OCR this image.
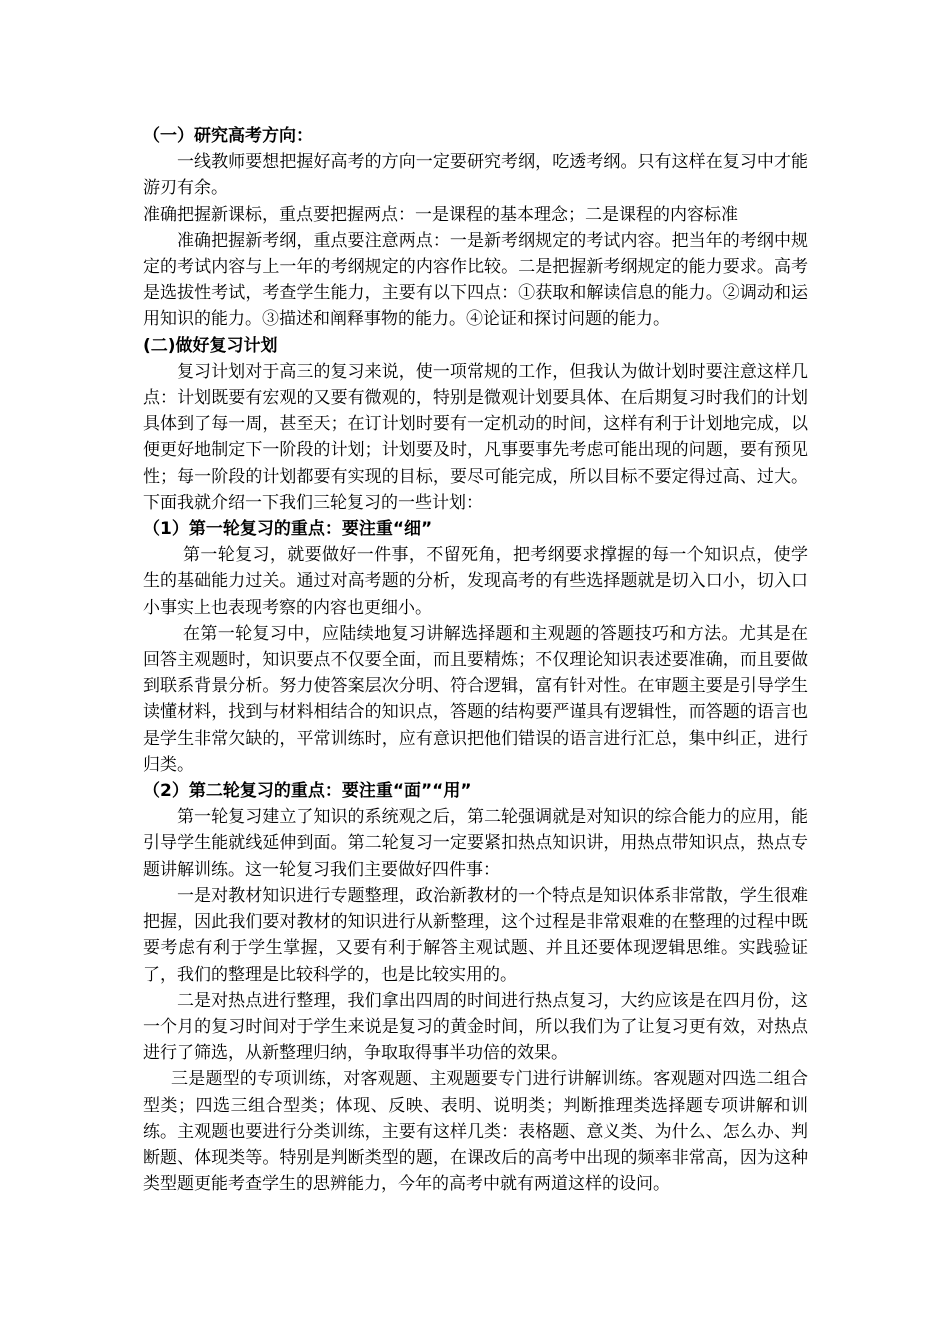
（一）研究高考方向：

一线教师要想把握好高考的方向一定要研究考纲，吃透考纲。只有这样在复习中才能游刃有余。

准确把握新课标，重点要把握两点：一是课程的基本理念；二是课程的内容标准

准确把握新考纲，重点要注意两点：一是新考纲规定的考试内容。把当年的考纲中规定的考试内容与上一年的考纲规定的内容作比较。二是把握新考纲规定的能力要求。高考是选拔性考试，考查学生能力，主要有以下四点：①获取和解读信息的能力。②调动和运用知识的能力。③描述和阐释事物的能力。④论证和探讨问题的能力。

(二)做好复习计划

复习计划对于高三的复习来说，使一项常规的工作，但我认为做计划时要注意这样几点：计划既要有宏观的又要有微观的，特别是微观计划要具体、在后期复习时我们的计划具体到了每一周，甚至天；在订计划时要有一定机动的时间，这样有利于计划地完成，以便更好地制定下一阶段的计划；计划要及时，凡事要事先考虑可能出现的问题，要有预见性；每一阶段的计划都要有实现的目标，要尽可能完成，所以目标不要定得过高、过大。下面我就介绍一下我们三轮复习的一些计划：

（1）第一轮复习的重点：要注重“细”

第一轮复习，就要做好一件事，不留死角，把考纲要求撑握的每一个知识点，使学生的基础能力过关。通过对高考题的分析，发现高考的有些选择题就是切入口小，切入口小事实上也表现考察的内容也更细小。

在第一轮复习中，应陆续地复习讲解选择题和主观题的答题技巧和方法。尤其是在回答主观题时，知识要点不仅要全面，而且要精炼；不仅理论知识表述要准确，而且要做到联系背景分析。努力使答案层次分明、符合逻辑，富有针对性。在审题主要是引导学生读懂材料，找到与材料相结合的知识点，答题的结构要严谨具有逻辑性，而答题的语言也是学生非常欠缺的，平常训练时，应有意识把他们错误的语言进行汇总，集中纠正，进行归类。

（2）第二轮复习的重点：要注重“面”“用”

第一轮复习建立了知识的系统观之后，第二轮强调就是对知识的综合能力的应用，能引导学生能就线延伸到面。第二轮复习一定要紧扣热点知识讲，用热点带知识点，热点专题讲解训练。这一轮复习我们主要做好四件事：

一是对教材知识进行专题整理，政治新教材的一个特点是知识体系非常散，学生很难把握，因此我们要对教材的知识进行从新整理，这个过程是非常艰难的在整理的过程中既要考虑有利于学生掌握，又要有利于解答主观试题、并且还要体现逻辑思维。实践验证了，我们的整理是比较科学的，也是比较实用的。

二是对热点进行整理，我们拿出四周的时间进行热点复习，大约应该是在四月份，这一个月的复习时间对于学生来说是复习的黄金时间，所以我们为了让复习更有效，对热点进行了筛选，从新整理归纳，争取取得事半功倍的效果。

三是题型的专项训练，对客观题、主观题要专门进行讲解训练。客观题对四选二组合型类；四选三组合型类；体现、反映、表明、说明类；判断推理类选择题专项讲解和训练。主观题也要进行分类训练，主要有这样几类：表格题、意义类、为什么、怎么办、判断题、体现类等。特别是判断类型的题，在课改后的高考中出现的频率非常高，因为这种类型题更能考查学生的思辨能力，今年的高考中就有两道这样的设问。
